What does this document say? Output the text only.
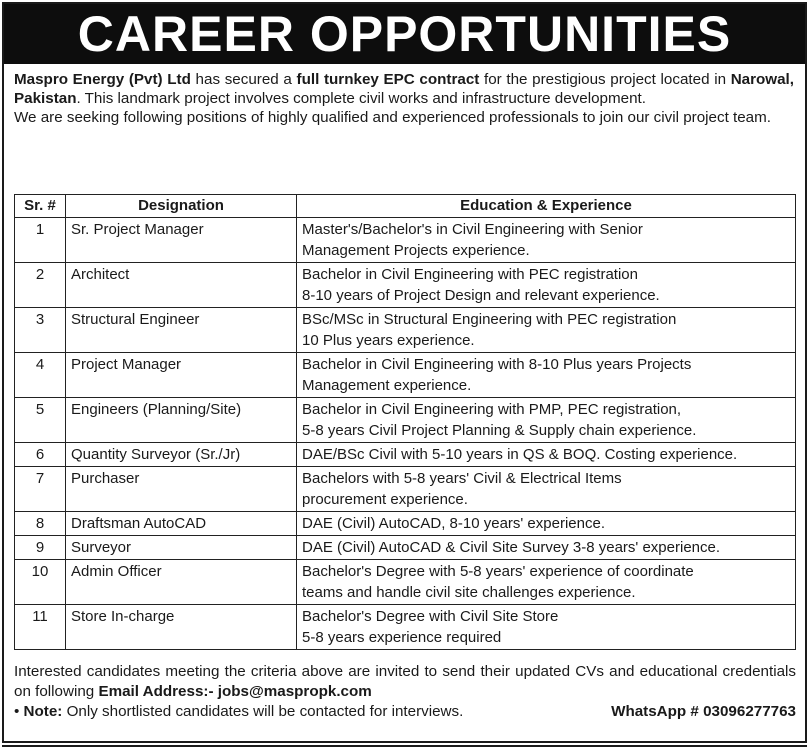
CAREER OPPORTUNITIES

Maspro Energy (Pvt) Ltd has secured a full turnkey EPC contract for the prestigious project located in Narowal, Pakistan. This landmark project involves complete civil works and infrastructure development.

We are seeking following positions of highly qualified and experienced professionals to join our civil project team.

Sr. #	Designation	Education & Experience
1	Sr. Project Manager	Master's/Bachelor's in Civil Engineering with Senior
Management Projects experience.

2	Architect	Bachelor in Civil Engineering with PEC registration
8-10 years of Project Design and relevant experience.

3	Structural Engineer	BSc/MSc in Structural Engineering with PEC registration
10 Plus years experience.

4	Project Manager	Bachelor in Civil Engineering with 8-10 Plus years Projects
Management experience.

5	Engineers (Planning/Site)	Bachelor in Civil Engineering with PMP, PEC registration,
5-8 years Civil Project Planning & Supply chain experience.

6	Quantity Surveyor (Sr./Jr)	DAE/BSc Civil with 5-10 years in QS & BOQ. Costing experience.

7	Purchaser	Bachelors with 5-8 years' Civil & Electrical Items
procurement experience.

8	Draftsman AutoCAD	DAE (Civil) AutoCAD, 8-10 years' experience.

9	Surveyor	DAE (Civil) AutoCAD & Civil Site Survey 3-8 years' experience.

10	Admin Officer	Bachelor's Degree with 5-8 years' experience of coordinate
teams and handle civil site challenges experience.

11	Store In-charge	Bachelor's Degree with Civil Site Store
5-8 years experience required

Interested candidates meeting the criteria above are invited to send their updated CVs and educational credentials on following Email Address:- jobs@maspropk.com

• Note: Only shortlisted candidates will be contacted for interviews.	WhatsApp # 03096277763
